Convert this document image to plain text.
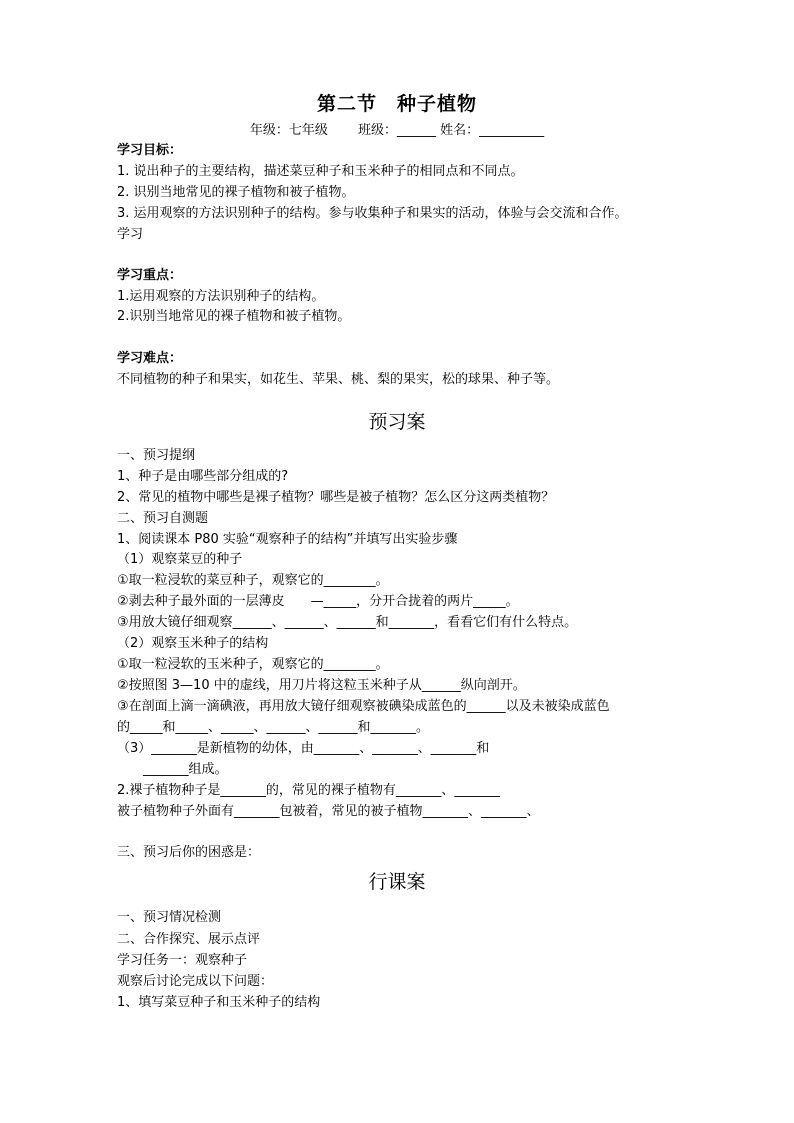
第二节　种子植物
年级：七年级　　 班级：______ 姓名：__________
学习目标：
1. 说出种子的主要结构，描述菜豆种子和玉米种子的相同点和不同点。
2. 识别当地常见的裸子植物和被子植物。
3. 运用观察的方法识别种子的结构。参与收集种子和果实的活动，体验与会交流和合作。
学习
学习重点：
1.运用观察的方法识别种子的结构。
2.识别当地常见的裸子植物和被子植物。
学习难点：
不同植物的种子和果实，如花生、苹果、桃、梨的果实，松的球果、种子等。
预习案
一、预习提纲
1、种子是由哪些部分组成的?
2、常见的植物中哪些是裸子植物？哪些是被子植物？怎么区分这两类植物？
二、预习自测题
1、阅读课本 P80 实验“观察种子的结构”并填写出实验步骤
（1）观察菜豆的种子
①取一粒浸软的菜豆种子，观察它的________。
②剥去种子最外面的一层薄皮　　—_____，分开合拢着的两片_____。
③用放大镜仔细观察______、______、______和_______，看看它们有什么特点。
（2）观察玉米种子的结构
①取一粒浸软的玉米种子，观察它的________。
②按照图 3—10 中的虚线，用刀片将这粒玉米种子从______纵向剖开。
③在剖面上滴一滴碘液，再用放大镜仔细观察被碘染成蓝色的______以及未被染成蓝色
的_____和_____、_____、______、______和_______。
（3）_______是新植物的幼体，由_______、_______、_______和
　　_______组成。
2.裸子植物种子是_______的，常见的裸子植物有_______、_______
被子植物种子外面有_______包被着，常见的被子植物_______、_______、
三、预习后你的困惑是：
行课案
一、预习情况检测
二、合作探究、展示点评
学习任务一：观察种子
观察后讨论完成以下问题：
1、填写菜豆种子和玉米种子的结构
